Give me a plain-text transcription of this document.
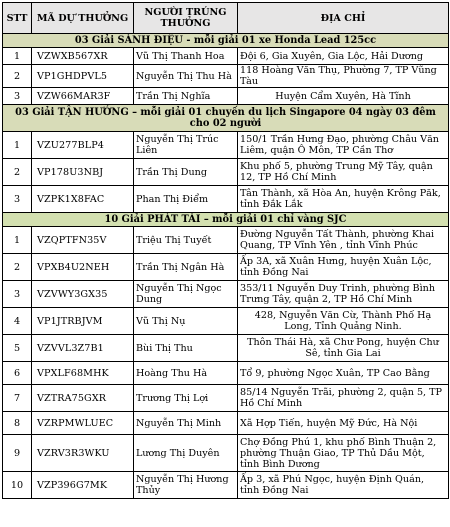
STT	MÃ DỰ THƯỞNG	NGƯỜI TRÚNG THƯỞNG	ĐỊA CHỈ
03 Giải SÀNH ĐIỆU - mỗi giải 01 xe Honda Lead 125cc			
1	VZWXB567XR	Vũ Thị Thanh Hoa	Đội 6, Gia Xuyên, Gia Lộc, Hải Dương
2	VP1GHDPVL5	Nguyễn Thị Thu Hà	118 Hoàng Văn Thụ, Phường 7, TP Vũng Tàu
3	VZW66MAR3F	Trần Thị Nghĩa	Huyện Cẩm Xuyên, Hà Tĩnh
03 Giải TẬN HƯỞNG – mỗi giải 01 chuyến du lịch Singapore 04 ngày 03 đêm cho 02 người			
1	VZU277BLP4	Nguyễn Thị Trúc Liên	150/1 Trần Hưng Đạo, phường Châu Văn Liêm, quận Ô Môn, TP Cần Thơ
2	VP178U3NBJ	Trần Thị Dung	Khu phố 5, phường Trung Mỹ Tây, quận 12, TP Hồ Chí Minh
3	VZPK1X8FAC	Phan Thị Điểm	Tân Thành, xã Hòa An, huyện Krông Păk, tỉnh Đắk Lắk
10 Giải PHÁT TÀI – mỗi giải 01 chỉ vàng SJC			
1	VZQPTFN35V	Triệu Thị Tuyết	Đường Nguyễn Tất Thành, phường Khai Quang, TP Vĩnh Yên , tỉnh Vĩnh Phúc
2	VPXB4U2NEH	Trần Thị Ngân Hà	Ấp 3A, xã Xuân Hưng, huyện Xuân Lộc, tỉnh Đồng Nai
3	VZVWY3GX35	Nguyễn Thị Ngọc Dung	353/11 Nguyễn Duy Trinh, phường Bình Trưng Tây, quận 2, TP Hồ Chí Minh
4	VP1JTRBJVM	Vũ Thị Nụ	428, Nguyễn Văn Cừ, Thành Phố Hạ Long, Tỉnh Quảng Ninh.
5	VZVVL3Z7B1	Bùi Thị Thu	Thôn Thái Hà, xã Chư Pong, huyện Chư Sê, tỉnh Gia Lai
6	VPXLF68MHK	Hoàng Thu Hà	Tổ 9, phường Ngọc Xuân, TP Cao Bằng
7	VZTRA75GXR	Trương Thị Lợi	85/14 Nguyễn Trãi, phường 2, quận 5, TP Hồ Chí Minh
8	VZRPMWLUEC	Nguyễn Thị Minh	Xã Hợp Tiến, huyện Mỹ Đức, Hà Nội
9	VZRV3R3WKU	Lương Thị Duyên	Chợ Đồng Phú 1, khu phố Bình Thuận 2, phường Thuận Giao, TP Thủ Dầu Một, tỉnh Bình Dương
10	VZP396G7MK	Nguyễn Thị Hương Thủy	Ấp 3, xã Phú Ngọc, huyện Định Quán, tỉnh Đồng Nai
